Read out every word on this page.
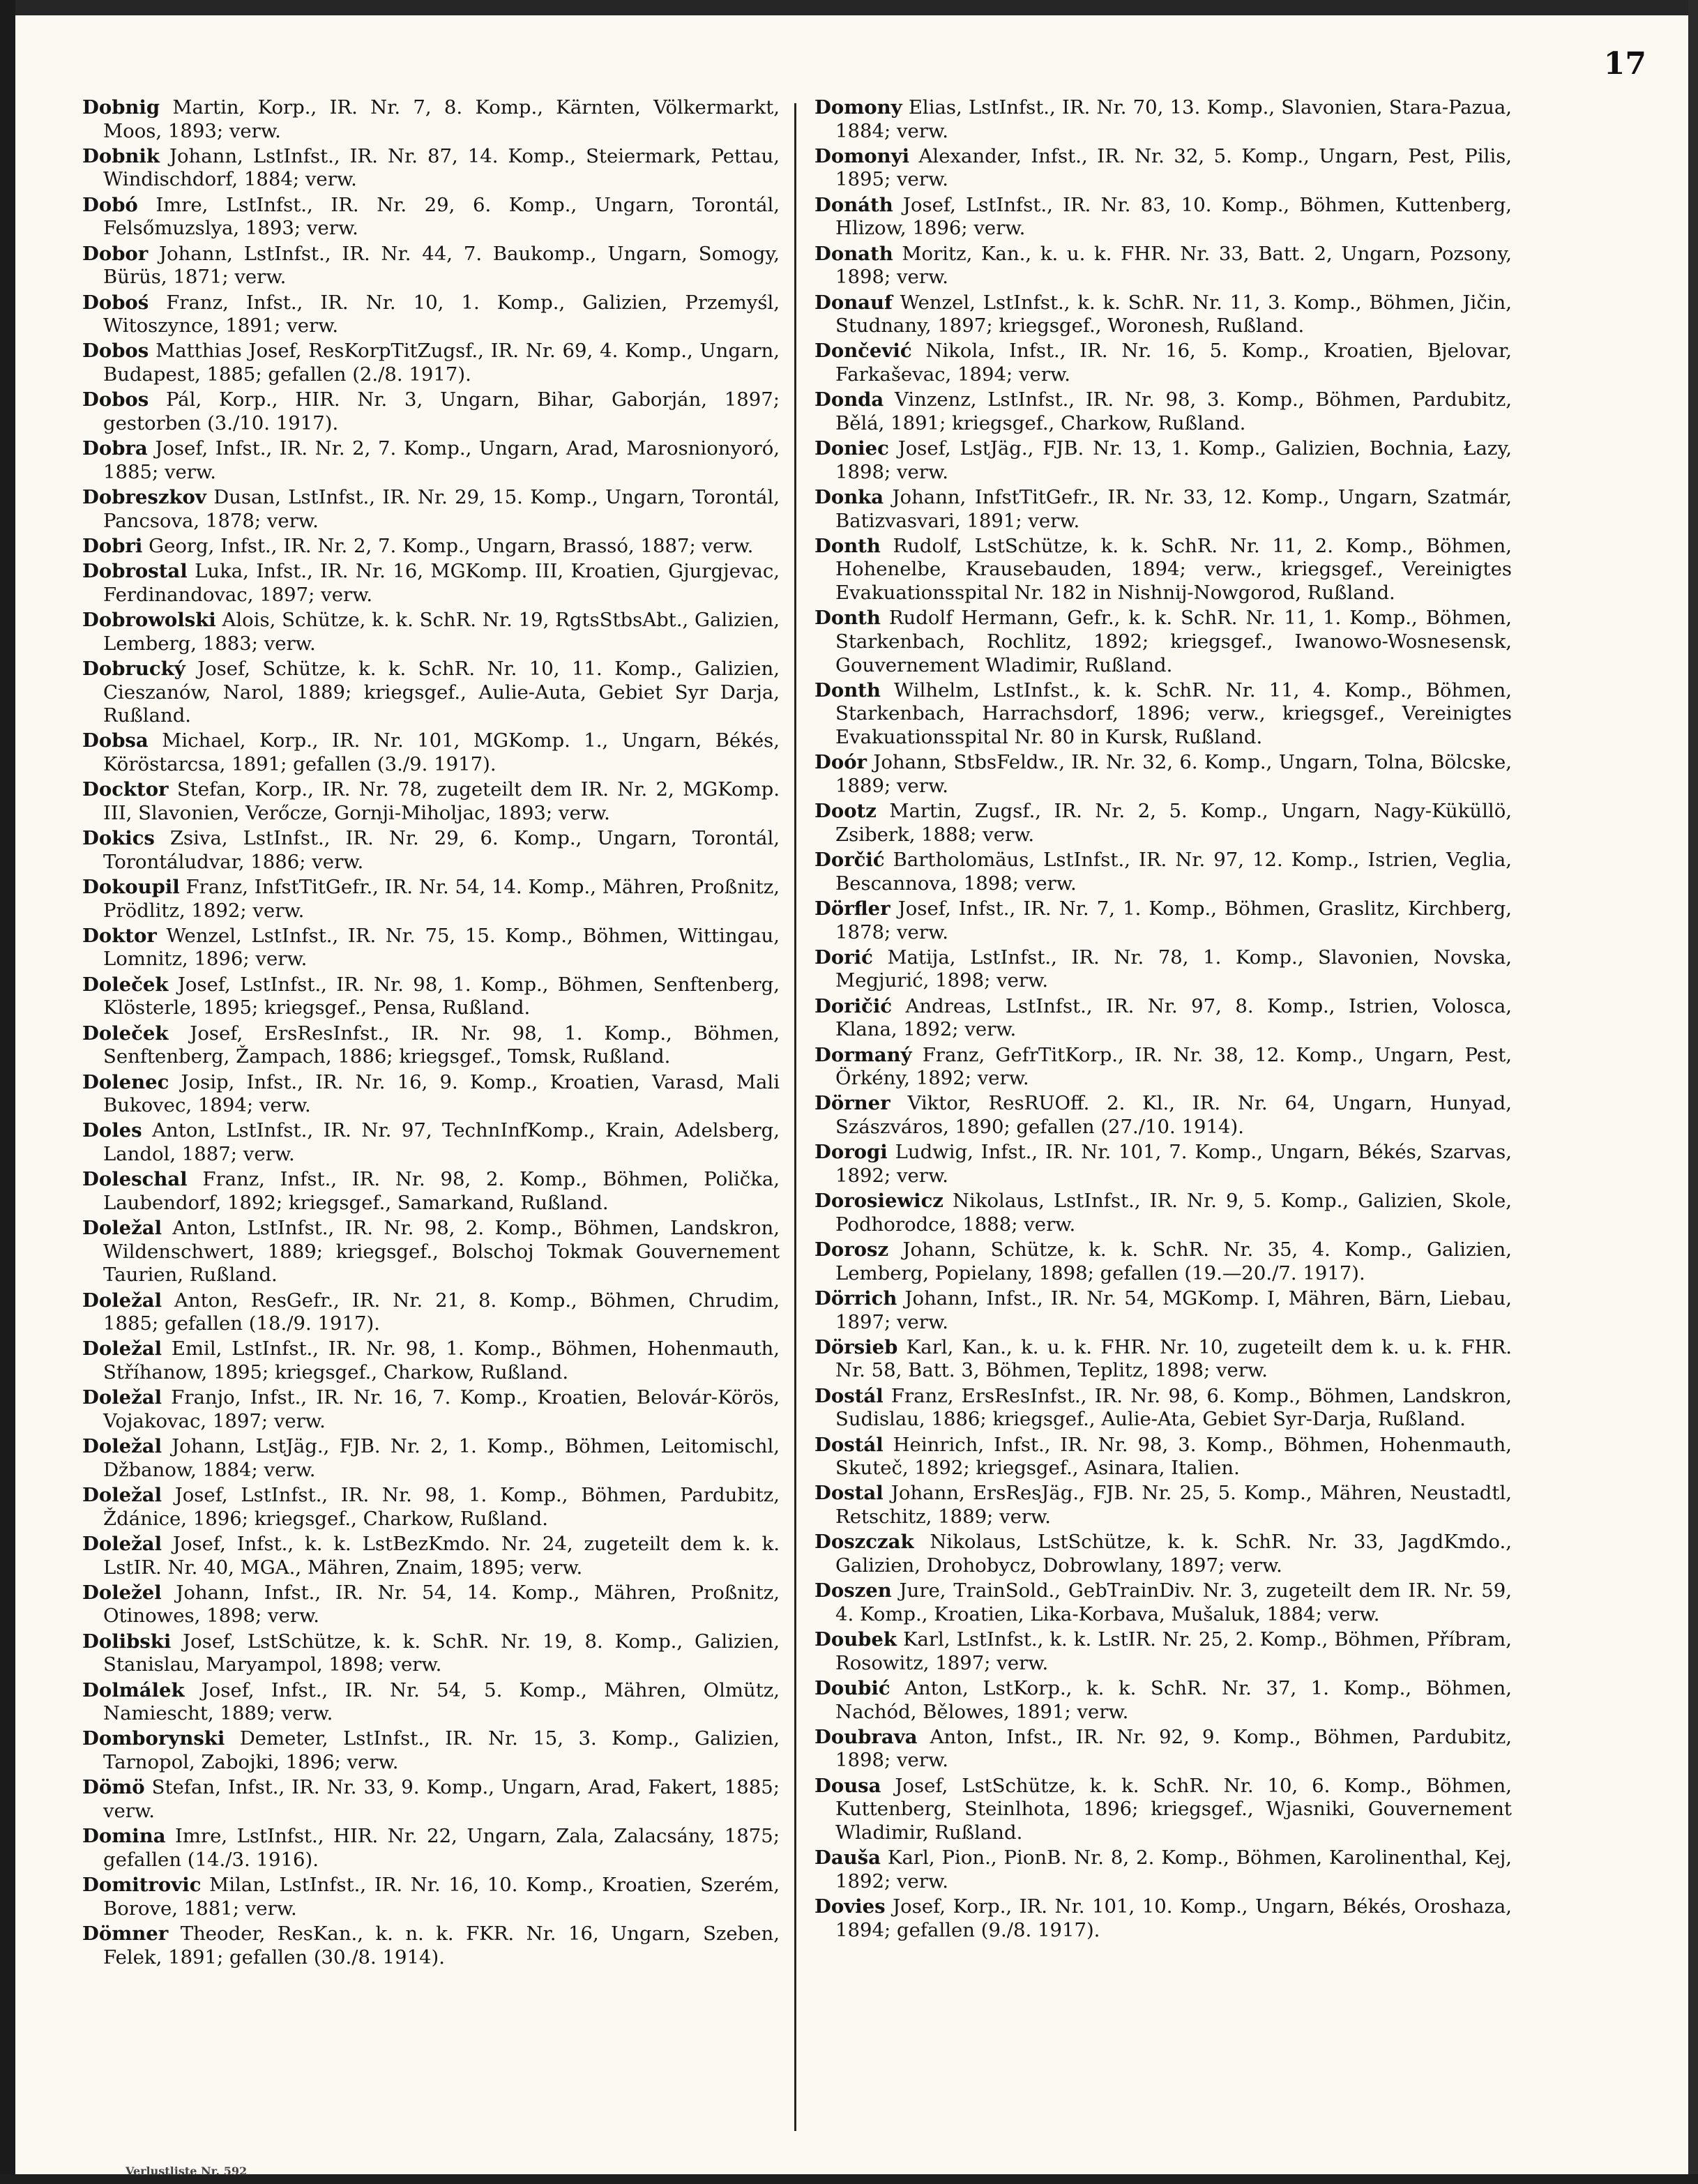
17

Dobnig Martin, Korp., IR. Nr. 7, 8. Komp., Kärnten, Völkermarkt, Moos, 1893; verw.

Dobnik Johann, LstInfst., IR. Nr. 87, 14. Komp., Steiermark, Pettau, Windischdorf, 1884; verw.

Dobó Imre, LstInfst., IR. Nr. 29, 6. Komp., Ungarn, Torontál, Felsőmuzslya, 1893; verw.

Dobor Johann, LstInfst., IR. Nr. 44, 7. Baukomp., Ungarn, Somogy, Bürüs, 1871; verw.

Doboś Franz, Infst., IR. Nr. 10, 1. Komp., Galizien, Przemyśl, Witoszynce, 1891; verw.

Dobos Matthias Josef, ResKorpTitZugsf., IR. Nr. 69, 4. Komp., Ungarn, Budapest, 1885; gefallen (2./8. 1917).

Dobos Pál, Korp., HIR. Nr. 3, Ungarn, Bihar, Gaborján, 1897; gestorben (3./10. 1917).

Dobra Josef, Infst., IR. Nr. 2, 7. Komp., Ungarn, Arad, Marosnionyoró, 1885; verw.

Dobreszkov Dusan, LstInfst., IR. Nr. 29, 15. Komp., Ungarn, Torontál, Pancsova, 1878; verw.

Dobri Georg, Infst., IR. Nr. 2, 7. Komp., Ungarn, Brassó, 1887; verw.

Dobrostal Luka, Infst., IR. Nr. 16, MGKomp. III, Kroatien, Gjurgjevac, Ferdinandovac, 1897; verw.

Dobrowolski Alois, Schütze, k. k. SchR. Nr. 19, RgtsStbsAbt., Galizien, Lemberg, 1883; verw.

Dobrucký Josef, Schütze, k. k. SchR. Nr. 10, 11. Komp., Galizien, Cieszanów, Narol, 1889; kriegsgef., Aulie-Auta, Gebiet Syr Darja, Rußland.

Dobsa Michael, Korp., IR. Nr. 101, MGKomp. 1., Ungarn, Békés, Köröstarcsa, 1891; gefallen (3./9. 1917).

Docktor Stefan, Korp., IR. Nr. 78, zugeteilt dem IR. Nr. 2, MGKomp. III, Slavonien, Verőcze, Gornji-Miholjac, 1893; verw.

Dokics Zsiva, LstInfst., IR. Nr. 29, 6. Komp., Ungarn, Torontál, Torontáludvar, 1886; verw.

Dokoupil Franz, InfstTitGefr., IR. Nr. 54, 14. Komp., Mähren, Proßnitz, Prödlitz, 1892; verw.

Doktor Wenzel, LstInfst., IR. Nr. 75, 15. Komp., Böhmen, Wittingau, Lomnitz, 1896; verw.

Doleček Josef, LstInfst., IR. Nr. 98, 1. Komp., Böhmen, Senftenberg, Klösterle, 1895; kriegsgef., Pensa, Rußland.

Doleček Josef, ErsResInfst., IR. Nr. 98, 1. Komp., Böhmen, Senftenberg, Žampach, 1886; kriegsgef., Tomsk, Rußland.

Dolenec Josip, Infst., IR. Nr. 16, 9. Komp., Kroatien, Varasd, Mali Bukovec, 1894; verw.

Doles Anton, LstInfst., IR. Nr. 97, TechnInfKomp., Krain, Adelsberg, Landol, 1887; verw.

Doleschal Franz, Infst., IR. Nr. 98, 2. Komp., Böhmen, Polička, Laubendorf, 1892; kriegsgef., Samarkand, Rußland.

Doležal Anton, LstInfst., IR. Nr. 98, 2. Komp., Böhmen, Landskron, Wildenschwert, 1889; kriegsgef., Bolschoj Tokmak Gouvernement Taurien, Rußland.

Doležal Anton, ResGefr., IR. Nr. 21, 8. Komp., Böhmen, Chrudim, 1885; gefallen (18./9. 1917).

Doležal Emil, LstInfst., IR. Nr. 98, 1. Komp., Böhmen, Hohenmauth, Stříhanow, 1895; kriegsgef., Charkow, Rußland.

Doležal Franjo, Infst., IR. Nr. 16, 7. Komp., Kroatien, Belovár-Körös, Vojakovac, 1897; verw.

Doležal Johann, LstJäg., FJB. Nr. 2, 1. Komp., Böhmen, Leitomischl, Džbanow, 1884; verw.

Doležal Josef, LstInfst., IR. Nr. 98, 1. Komp., Böhmen, Pardubitz, Ždánice, 1896; kriegsgef., Charkow, Rußland.

Doležal Josef, Infst., k. k. LstBezKmdo. Nr. 24, zugeteilt dem k. k. LstIR. Nr. 40, MGA., Mähren, Znaim, 1895; verw.

Doležel Johann, Infst., IR. Nr. 54, 14. Komp., Mähren, Proßnitz, Otinowes, 1898; verw.

Dolibski Josef, LstSchütze, k. k. SchR. Nr. 19, 8. Komp., Galizien, Stanislau, Maryampol, 1898; verw.

Dolmálek Josef, Infst., IR. Nr. 54, 5. Komp., Mähren, Olmütz, Namiescht, 1889; verw.

Domborynski Demeter, LstInfst., IR. Nr. 15, 3. Komp., Galizien, Tarnopol, Zabojki, 1896; verw.

Dömö Stefan, Infst., IR. Nr. 33, 9. Komp., Ungarn, Arad, Fakert, 1885; verw.

Domina Imre, LstInfst., HIR. Nr. 22, Ungarn, Zala, Zalacsány, 1875; gefallen (14./3. 1916).

Domitrovic Milan, LstInfst., IR. Nr. 16, 10. Komp., Kroatien, Szerém, Borove, 1881; verw.

Dömner Theoder, ResKan., k. n. k. FKR. Nr. 16, Ungarn, Szeben, Felek, 1891; gefallen (30./8. 1914).

Domony Elias, LstInfst., IR. Nr. 70, 13. Komp., Slavonien, Stara-Pazua, 1884; verw.

Domonyi Alexander, Infst., IR. Nr. 32, 5. Komp., Ungarn, Pest, Pilis, 1895; verw.

Donáth Josef, LstInfst., IR. Nr. 83, 10. Komp., Böhmen, Kuttenberg, Hlizow, 1896; verw.

Donath Moritz, Kan., k. u. k. FHR. Nr. 33, Batt. 2, Ungarn, Pozsony, 1898; verw.

Donauf Wenzel, LstInfst., k. k. SchR. Nr. 11, 3. Komp., Böhmen, Jičin, Studnany, 1897; kriegsgef., Woronesh, Rußland.

Dončević Nikola, Infst., IR. Nr. 16, 5. Komp., Kroatien, Bjelovar, Farkaševac, 1894; verw.

Donda Vinzenz, LstInfst., IR. Nr. 98, 3. Komp., Böhmen, Pardubitz, Bělá, 1891; kriegsgef., Charkow, Rußland.

Doniec Josef, LstJäg., FJB. Nr. 13, 1. Komp., Galizien, Bochnia, Łazy, 1898; verw.

Donka Johann, InfstTitGefr., IR. Nr. 33, 12. Komp., Ungarn, Szatmár, Batizvasvari, 1891; verw.

Donth Rudolf, LstSchütze, k. k. SchR. Nr. 11, 2. Komp., Böhmen, Hohenelbe, Krausebauden, 1894; verw., kriegsgef., Vereinigtes Evakuationsspital Nr. 182 in Nishnij-Nowgorod, Rußland.

Donth Rudolf Hermann, Gefr., k. k. SchR. Nr. 11, 1. Komp., Böhmen, Starkenbach, Rochlitz, 1892; kriegsgef., Iwanowo-Wosnesensk, Gouvernement Wladimir, Rußland.

Donth Wilhelm, LstInfst., k. k. SchR. Nr. 11, 4. Komp., Böhmen, Starkenbach, Harrachsdorf, 1896; verw., kriegsgef., Vereinigtes Evakuationsspital Nr. 80 in Kursk, Rußland.

Doór Johann, StbsFeldw., IR. Nr. 32, 6. Komp., Ungarn, Tolna, Bölcske, 1889; verw.

Dootz Martin, Zugsf., IR. Nr. 2, 5. Komp., Ungarn, Nagy-Küküllö, Zsiberk, 1888; verw.

Dorčić Bartholomäus, LstInfst., IR. Nr. 97, 12. Komp., Istrien, Veglia, Bescannova, 1898; verw.

Dörfler Josef, Infst., IR. Nr. 7, 1. Komp., Böhmen, Graslitz, Kirchberg, 1878; verw.

Dorić Matija, LstInfst., IR. Nr. 78, 1. Komp., Slavonien, Novska, Megjurić, 1898; verw.

Doričić Andreas, LstInfst., IR. Nr. 97, 8. Komp., Istrien, Volosca, Klana, 1892; verw.

Dormaný Franz, GefrTitKorp., IR. Nr. 38, 12. Komp., Ungarn, Pest, Örkény, 1892; verw.

Dörner Viktor, ResRUOff. 2. Kl., IR. Nr. 64, Ungarn, Hunyad, Szászváros, 1890; gefallen (27./10. 1914).

Dorogi Ludwig, Infst., IR. Nr. 101, 7. Komp., Ungarn, Békés, Szarvas, 1892; verw.

Dorosiewicz Nikolaus, LstInfst., IR. Nr. 9, 5. Komp., Galizien, Skole, Podhorodce, 1888; verw.

Dorosz Johann, Schütze, k. k. SchR. Nr. 35, 4. Komp., Galizien, Lemberg, Popielany, 1898; gefallen (19.—20./7. 1917).

Dörrich Johann, Infst., IR. Nr. 54, MGKomp. I, Mähren, Bärn, Liebau, 1897; verw.

Dörsieb Karl, Kan., k. u. k. FHR. Nr. 10, zugeteilt dem k. u. k. FHR. Nr. 58, Batt. 3, Böhmen, Teplitz, 1898; verw.

Dostál Franz, ErsResInfst., IR. Nr. 98, 6. Komp., Böhmen, Landskron, Sudislau, 1886; kriegsgef., Aulie-Ata, Gebiet Syr-Darja, Rußland.

Dostál Heinrich, Infst., IR. Nr. 98, 3. Komp., Böhmen, Hohenmauth, Skuteč, 1892; kriegsgef., Asinara, Italien.

Dostal Johann, ErsResJäg., FJB. Nr. 25, 5. Komp., Mähren, Neustadtl, Retschitz, 1889; verw.

Doszczak Nikolaus, LstSchütze, k. k. SchR. Nr. 33, JagdKmdo., Galizien, Drohobycz, Dobrowlany, 1897; verw.

Doszen Jure, TrainSold., GebTrainDiv. Nr. 3, zugeteilt dem IR. Nr. 59, 4. Komp., Kroatien, Lika-Korbava, Mušaluk, 1884; verw.

Doubek Karl, LstInfst., k. k. LstIR. Nr. 25, 2. Komp., Böhmen, Příbram, Rosowitz, 1897; verw.

Doubić Anton, LstKorp., k. k. SchR. Nr. 37, 1. Komp., Böhmen, Nachód, Bělowes, 1891; verw.

Doubrava Anton, Infst., IR. Nr. 92, 9. Komp., Böhmen, Pardubitz, 1898; verw.

Dousa Josef, LstSchütze, k. k. SchR. Nr. 10, 6. Komp., Böhmen, Kuttenberg, Steinlhota, 1896; kriegsgef., Wjasniki, Gouvernement Wladimir, Rußland.

Dauša Karl, Pion., PionB. Nr. 8, 2. Komp., Böhmen, Karolinenthal, Kej, 1892; verw.

Dovies Josef, Korp., IR. Nr. 101, 10. Komp., Ungarn, Békés, Oroshaza, 1894; gefallen (9./8. 1917).

Verlustliste Nr. 592
